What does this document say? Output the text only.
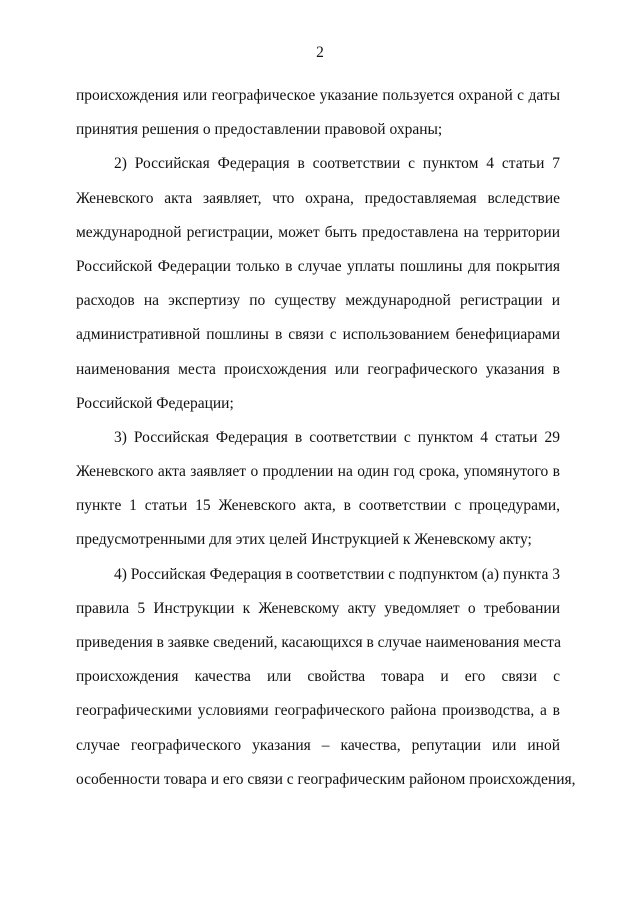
2
происхождения или географическое указание пользуется охраной с даты
принятия решения о предоставлении правовой охраны;
2) Российская Федерация в соответствии с пунктом 4 статьи 7
Женевского акта заявляет, что охрана, предоставляемая вследствие
международной регистрации, может быть предоставлена на территории
Российской Федерации только в случае уплаты пошлины для покрытия
расходов на экспертизу по существу международной регистрации и
административной пошлины в связи с использованием бенефициарами
наименования места происхождения или географического указания в
Российской Федерации;
3) Российская Федерация в соответствии с пунктом 4 статьи 29
Женевского акта заявляет о продлении на один год срока, упомянутого в
пункте 1 статьи 15 Женевского акта, в соответствии с процедурами,
предусмотренными для этих целей Инструкцией к Женевскому акту;
4) Российская Федерация в соответствии с подпунктом (а) пункта 3
правила 5 Инструкции к Женевскому акту уведомляет о требовании
приведения в заявке сведений, касающихся в случае наименования места
происхождения качества или свойства товара и его связи с
географическими условиями географического района производства, а в
случае географического указания – качества, репутации или иной
особенности товара и его связи с географическим районом происхождения,
